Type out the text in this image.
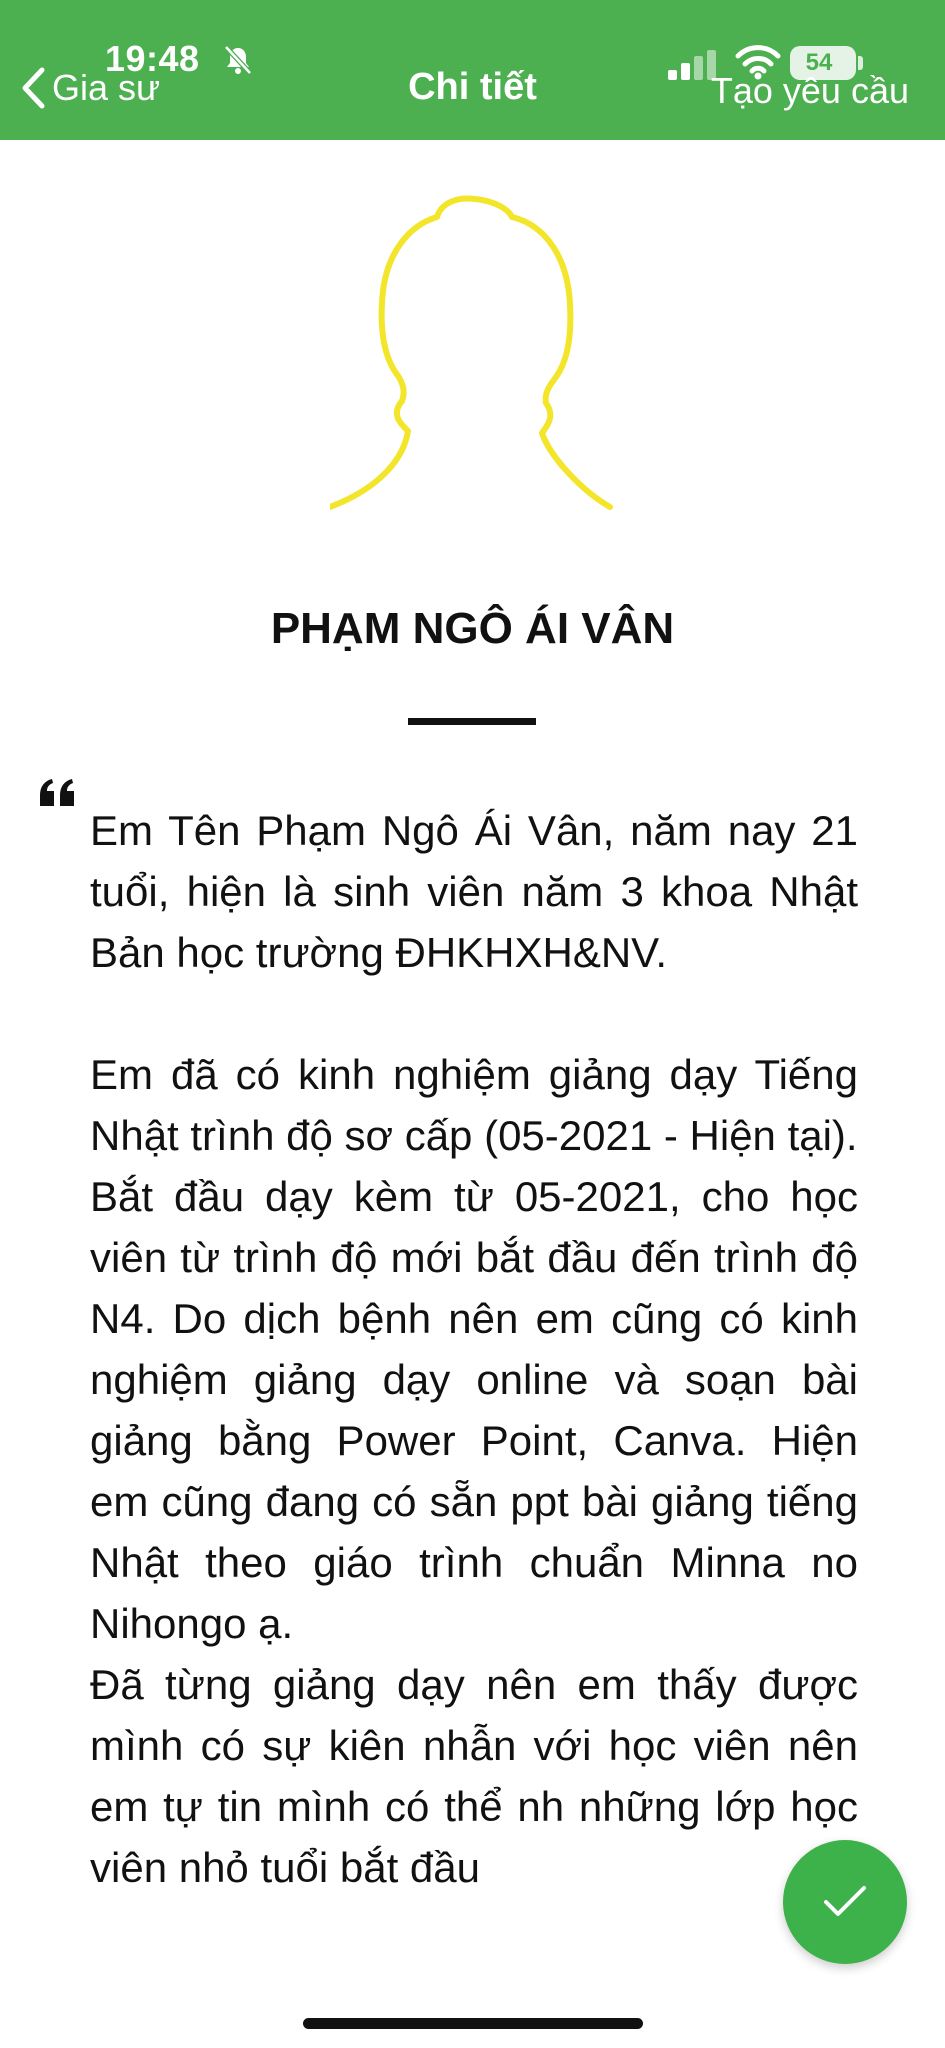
19:48
Gia sư	Chi tiết
54
Tạo yêu cầu
PHẠM NGÔ ÁI VÂN

Em Tên Phạm Ngô Ái Vân, năm nay 21 tuổi, hiện là sinh viên năm 3 khoa Nhật Bản học trường ĐHKHXH&NV.

Em đã có kinh nghiệm giảng dạy Tiếng Nhật trình độ sơ cấp (05-2021 - Hiện tại).

Bắt đầu dạy kèm từ 05-2021, cho học viên từ trình độ mới bắt đầu đến trình độ N4. Do dịch bệnh nên em cũng có kinh nghiệm giảng dạy online và soạn bài giảng bằng Power Point, Canva. Hiện em cũng đang có sẵn ppt bài giảng tiếng Nhật theo giáo trình chuẩn Minna no Nihongo ạ.

Đã từng giảng dạy nên em thấy được mình có sự kiên nhẫn với học viên nên em tự tin mình có thể nh những lớp học viên nhỏ tuổi bắt đầu
